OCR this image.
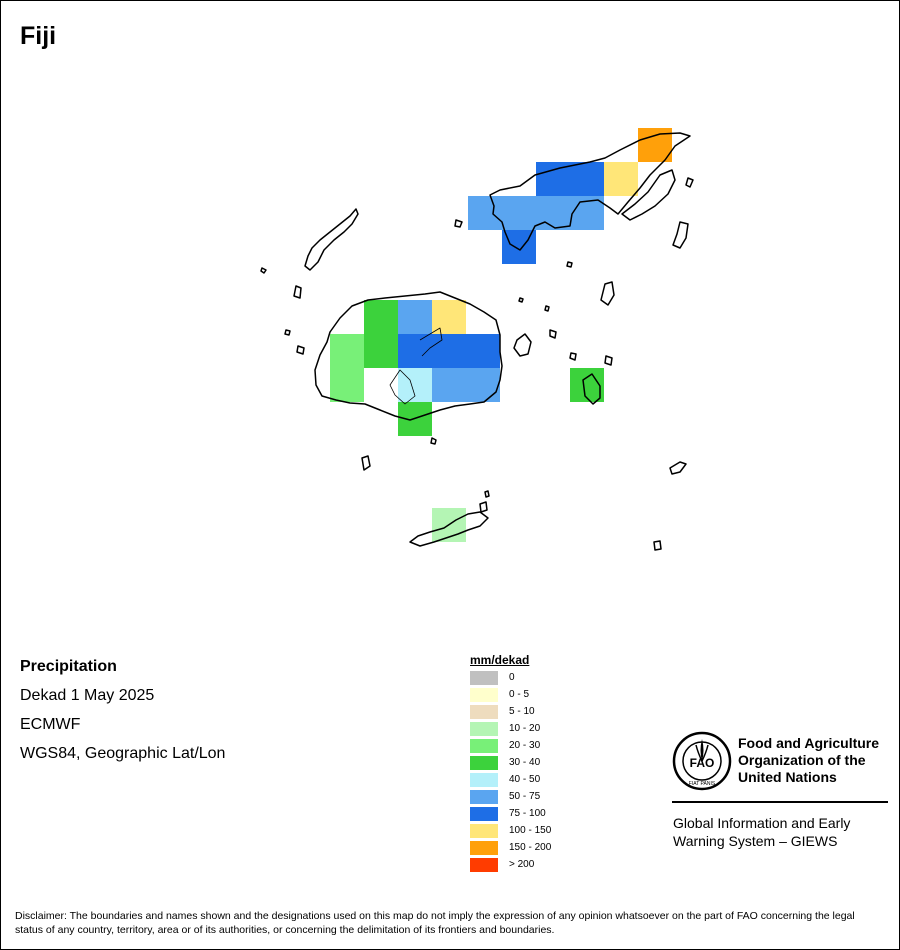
Fiji
Precipitation
Dekad 1 May 2025
ECMWF
WGS84, Geographic Lat/Lon
mm/dekad
0
0 - 5
5 - 10
10 - 20
20 - 30
30 - 40
40 - 50
50 - 75
75 - 100
100 - 150
150 - 200
> 200
FAO
FIAT PANIS
Food and Agriculture
Organization of the
United Nations
Global Information and Early
Warning System – GIEWS
Disclaimer: The boundaries and names shown and the designations used on this map do not imply the expression of any opinion whatsoever on the part of FAO concerning the legal status of any country, territory, area or of its authorities, or concerning the delimitation of its frontiers and boundaries.
